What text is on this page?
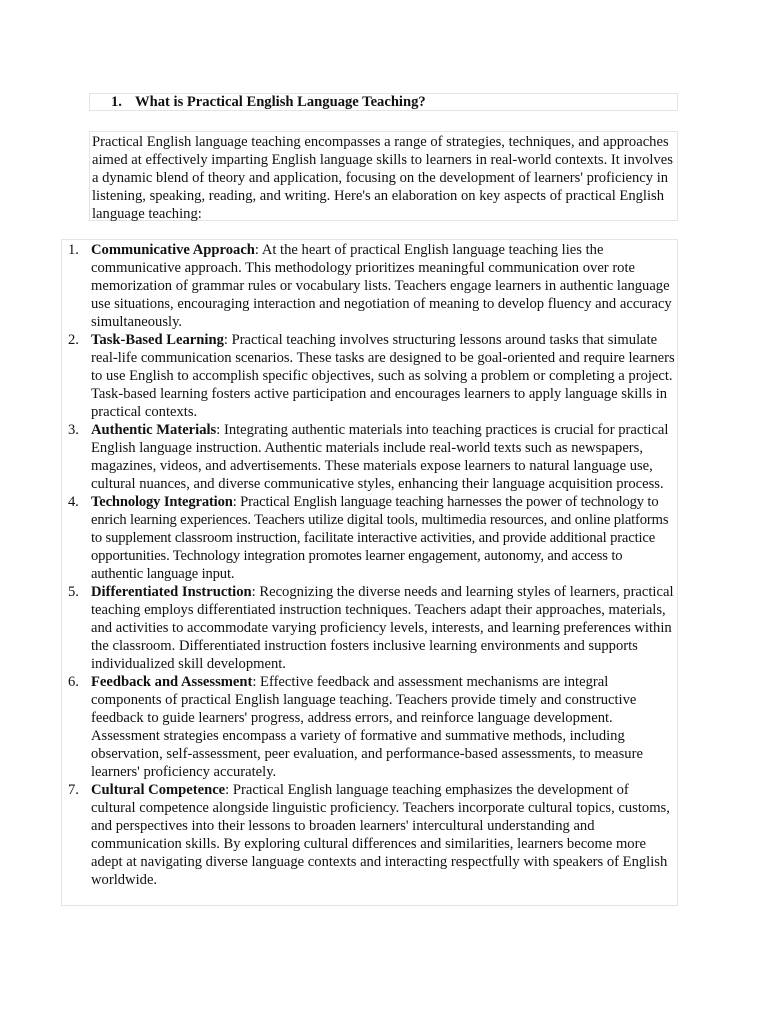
1. What is Practical English Language Teaching?

Practical English language teaching encompasses a range of strategies, techniques, and approaches aimed at effectively imparting English language skills to learners in real-world contexts. It involves a dynamic blend of theory and application, focusing on the development of learners' proficiency in listening, speaking, reading, and writing. Here's an elaboration on key aspects of practical English language teaching:

1. Communicative Approach: At the heart of practical English language teaching lies the communicative approach. This methodology prioritizes meaningful communication over rote memorization of grammar rules or vocabulary lists. Teachers engage learners in authentic language use situations, encouraging interaction and negotiation of meaning to develop fluency and accuracy simultaneously.
2. Task-Based Learning: Practical teaching involves structuring lessons around tasks that simulate real-life communication scenarios. These tasks are designed to be goal-oriented and require learners to use English to accomplish specific objectives, such as solving a problem or completing a project. Task-based learning fosters active participation and encourages learners to apply language skills in practical contexts.
3. Authentic Materials: Integrating authentic materials into teaching practices is crucial for practical English language instruction. Authentic materials include real-world texts such as newspapers, magazines, videos, and advertisements. These materials expose learners to natural language use, cultural nuances, and diverse communicative styles, enhancing their language acquisition process.
4. Technology Integration: Practical English language teaching harnesses the power of technology to enrich learning experiences. Teachers utilize digital tools, multimedia resources, and online platforms to supplement classroom instruction, facilitate interactive activities, and provide additional practice opportunities. Technology integration promotes learner engagement, autonomy, and access to authentic language input.
5. Differentiated Instruction: Recognizing the diverse needs and learning styles of learners, practical teaching employs differentiated instruction techniques. Teachers adapt their approaches, materials, and activities to accommodate varying proficiency levels, interests, and learning preferences within the classroom. Differentiated instruction fosters inclusive learning environments and supports individualized skill development.
6. Feedback and Assessment: Effective feedback and assessment mechanisms are integral components of practical English language teaching. Teachers provide timely and constructive feedback to guide learners' progress, address errors, and reinforce language development. Assessment strategies encompass a variety of formative and summative methods, including observation, self-assessment, peer evaluation, and performance-based assessments, to measure learners' proficiency accurately.
7. Cultural Competence: Practical English language teaching emphasizes the development of cultural competence alongside linguistic proficiency. Teachers incorporate cultural topics, customs, and perspectives into their lessons to broaden learners' intercultural understanding and communication skills. By exploring cultural differences and similarities, learners become more adept at navigating diverse language contexts and interacting respectfully with speakers of English worldwide.
